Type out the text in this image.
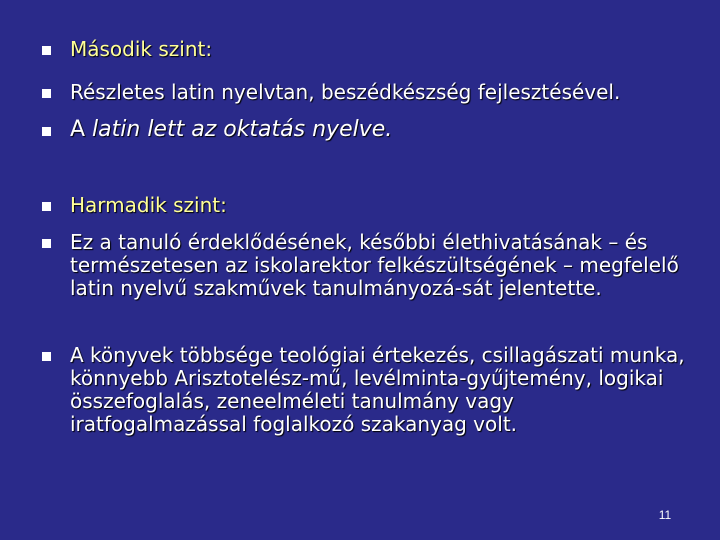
Második szint:
Részletes latin nyelvtan, beszédkészség fejlesztésével.
A latin lett az oktatás nyelve.
Harmadik szint:
Ez a tanuló érdeklődésének, későbbi élethivatásának – és természetesen az iskolarektor felkészültségének – megfelelő latin nyelvű szakművek tanulmányozá-sát jelentette.
A könyvek többsége teológiai értekezés, csillagászati munka, könnyebb Arisztotelész-mű, levélminta-gyűjtemény, logikai összefoglalás, zeneelméleti tanulmány vagy iratfogalmazással foglalkozó szakanyag volt.
11
